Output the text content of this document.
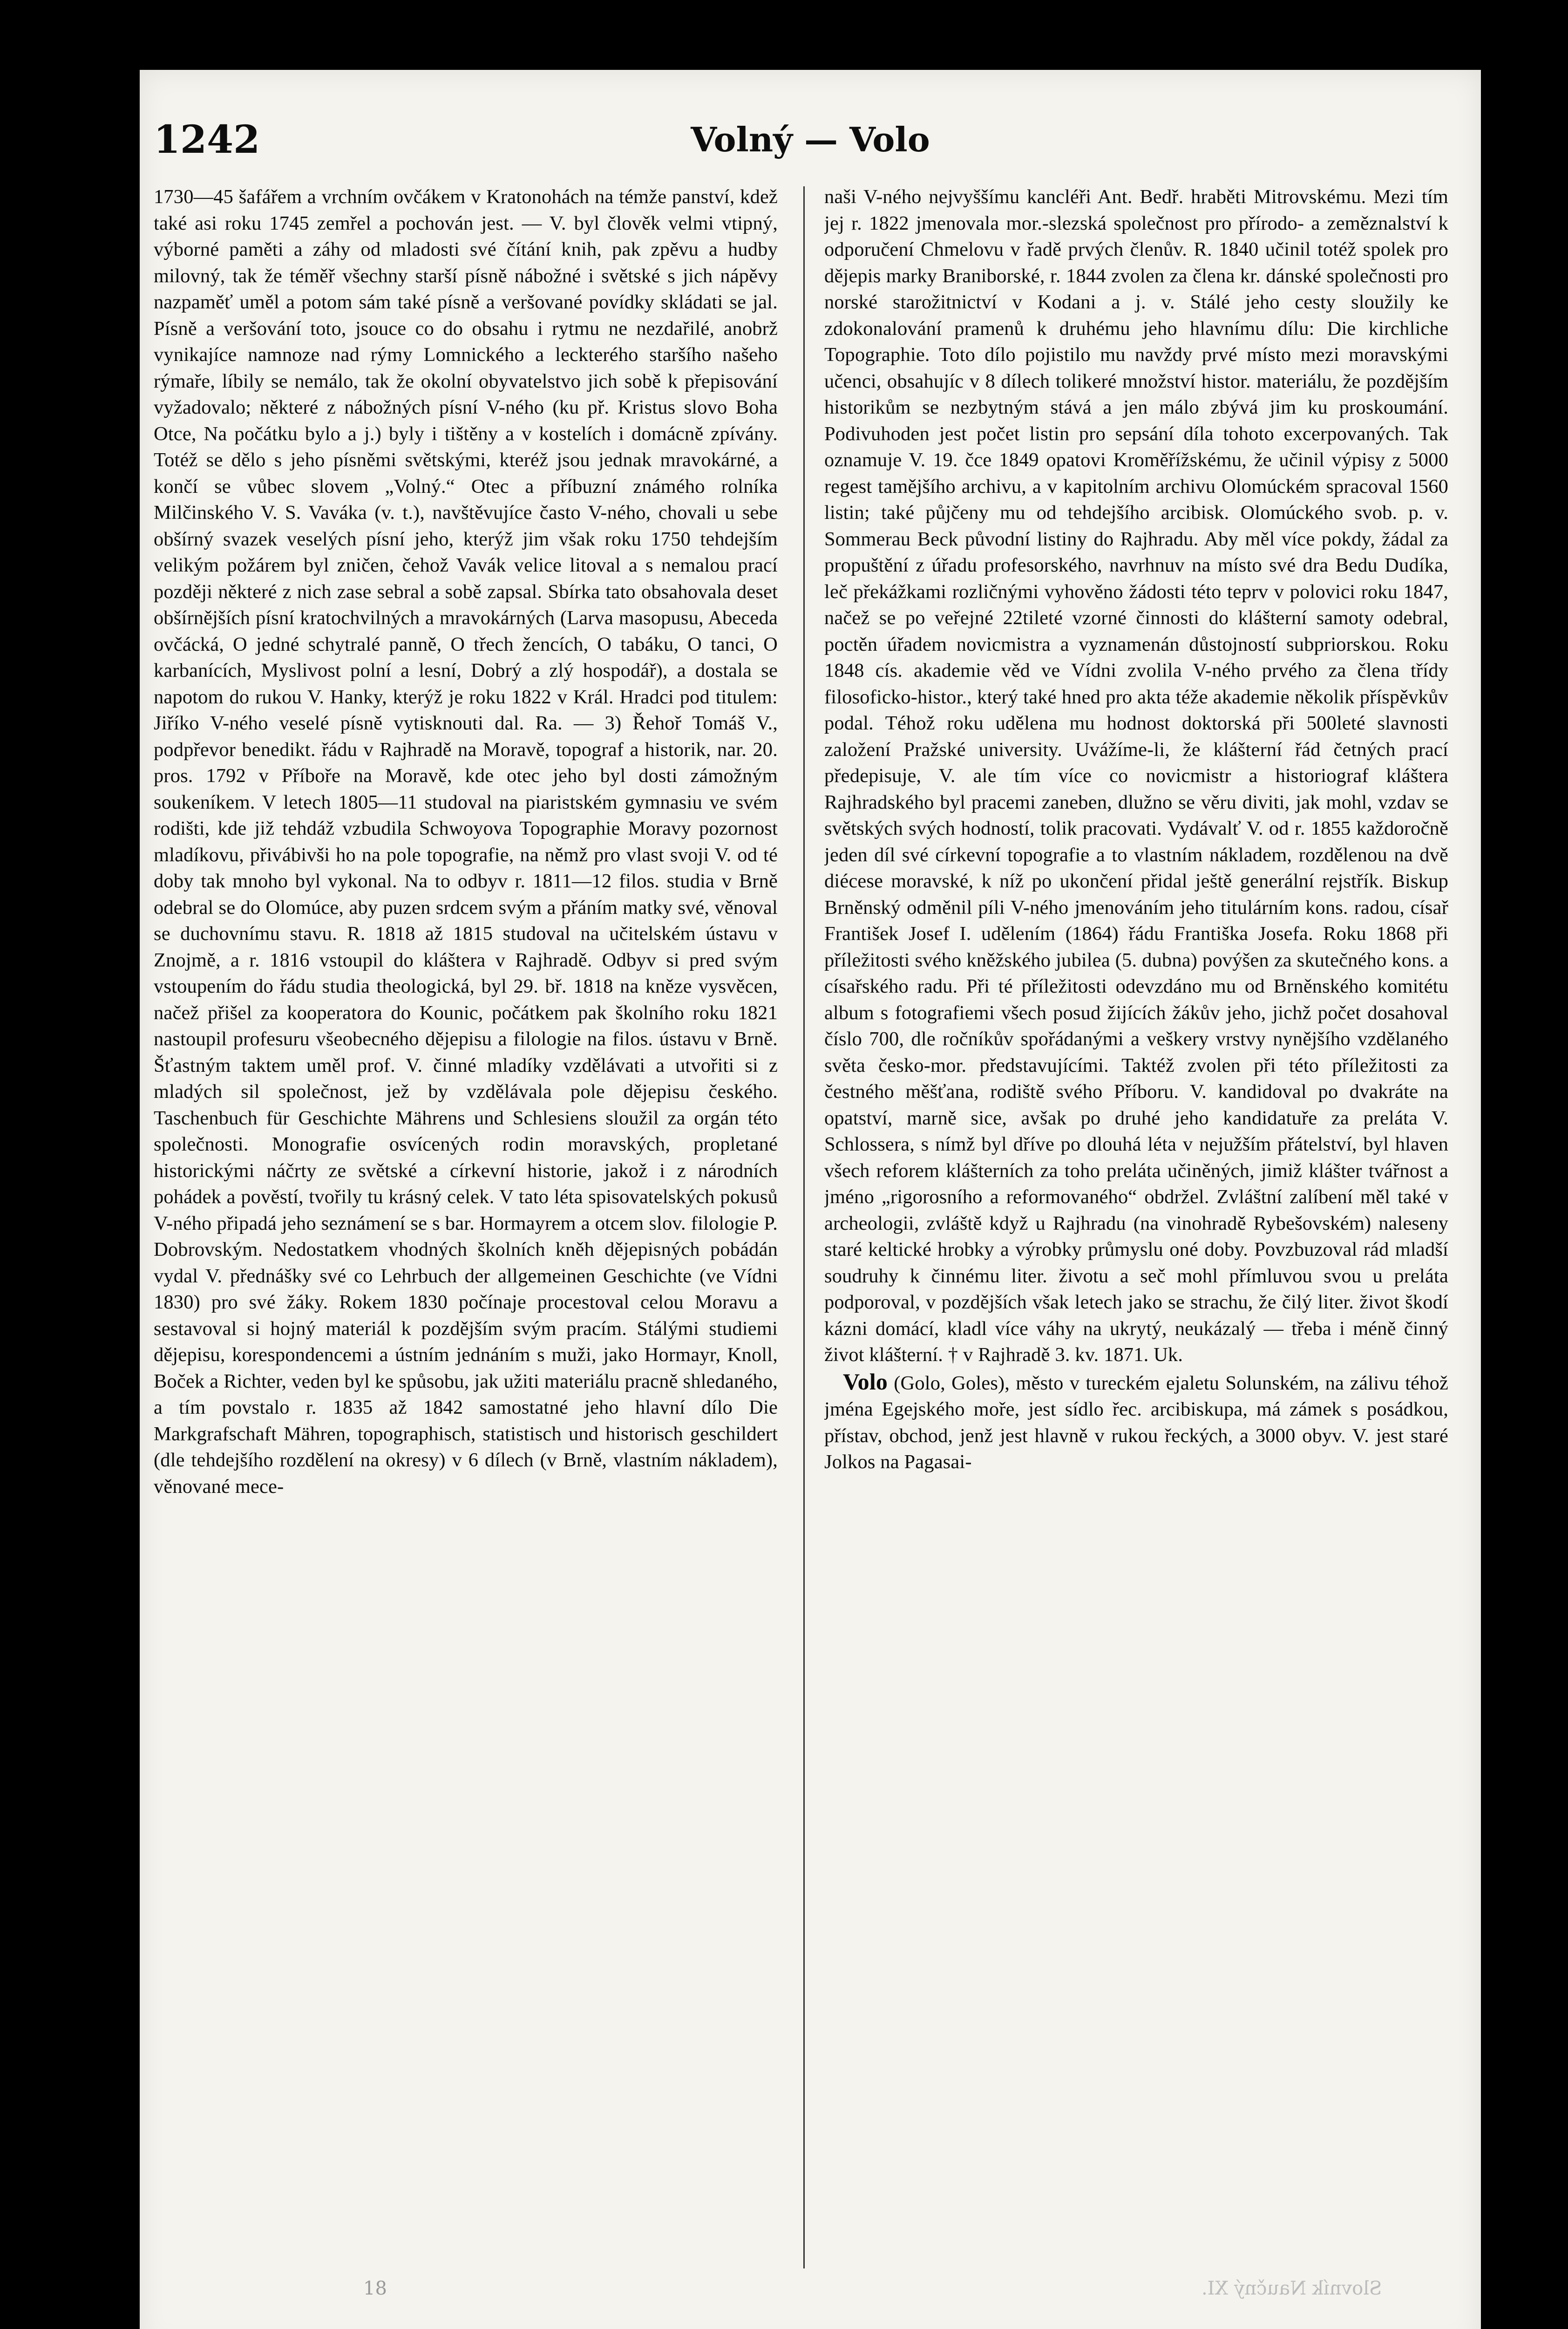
1242	Volný — Volo

1730—45 šafářem a vrchním ovčákem v Kratonohách na témže panství, kdež také asi roku 1745 zemřel a pochován jest. — V. byl člověk velmi vtipný, výborné paměti a záhy od mladosti své čítání knih, pak zpěvu a hudby milovný, tak že téměř všechny starší písně nábožné i světské s jich nápěvy nazpaměť uměl a potom sám také písně a veršované povídky skládati se jal. Písně a veršování toto, jsouce co do obsahu i rytmu ne nezdařilé, anobrž vynikajíce namnoze nad rýmy Lomnického a leckterého staršího našeho rýmaře, líbily se nemálo, tak že okolní obyvatelstvo jich sobě k přepisování vyžadovalo; některé z nábožných písní V-ného (ku př. Kristus slovo Boha Otce, Na počátku bylo a j.) byly i tištěny a v kostelích i domácně zpívány. Totéž se dělo s jeho písněmi světskými, kteréž jsou jednak mravokárné, a končí se vůbec slovem „Volný.“ Otec a příbuzní známého rolníka Milčinského V. S. Vaváka (v. t.), navštěvujíce často V-ného, chovali u sebe obšírný svazek veselých písní jeho, kterýž jim však roku 1750 tehdejším velikým požárem byl zničen, čehož Vavák velice litoval a s nemalou prací později některé z nich zase sebral a sobě zapsal. Sbírka tato obsahovala deset obšírnějších písní kratochvilných a mravokárných (Larva masopusu, Abeceda ovčácká, O jedné schytralé panně, O třech žencích, O tabáku, O tanci, O karbanících, Myslivost polní a lesní, Dobrý a zlý hospodář), a dostala se napotom do rukou V. Hanky, kterýž je roku 1822 v Král. Hradci pod titulem: Jiříko V-ného veselé písně vytisknouti dal. Ra. — 3) Řehoř Tomáš V., podpřevor benedikt. řádu v Rajhradě na Moravě, topograf a historik, nar. 20. pros. 1792 v Příboře na Moravě, kde otec jeho byl dosti zámožným soukeníkem. V letech 1805—11 studoval na piaristském gymnasiu ve svém rodišti, kde již tehdáž vzbudila Schwoyova Topographie Moravy pozornost mladíkovu, přivábivši ho na pole topografie, na němž pro vlast svoji V. od té doby tak mnoho byl vykonal. Na to odbyv r. 1811—12 filos. studia v Brně odebral se do Olomúce, aby puzen srdcem svým a přáním matky své, věnoval se duchovnímu stavu. R. 1818 až 1815 studoval na učitelském ústavu v Znojmě, a r. 1816 vstoupil do kláštera v Rajhradě. Odbyv si pred svým vstoupením do řádu studia theologická, byl 29. bř. 1818 na kněze vysvěcen, načež přišel za kooperatora do Kounic, počátkem pak školního roku 1821 nastoupil profesuru všeobecného dějepisu a filologie na filos. ústavu v Brně. Šťastným taktem uměl prof. V. činné mladíky vzdělávati a utvořiti si z mladých sil společnost, jež by vzdělávala pole dějepisu českého. Taschenbuch für Geschichte Mährens und Schlesiens sloužil za orgán této společnosti. Monografie osvícených rodin moravských, propletané historickými náčrty ze světské a církevní historie, jakož i z národních pohádek a pověstí, tvořily tu krásný celek. V tato léta spisovatelských pokusů V-ného připadá jeho seznámení se s bar. Hormayrem a otcem slov. filologie P. Dobrovským. Nedostatkem vhodných školních kněh dějepisných pobádán vydal V. přednášky své co Lehrbuch der allgemeinen Geschichte (ve Vídni 1830) pro své žáky. Rokem 1830 počínaje procestoval celou Moravu a sestavoval si hojný materiál k pozdějším svým pracím. Stálými studiemi dějepisu, korespondencemi a ústním jednáním s muži, jako Hormayr, Knoll, Boček a Richter, veden byl ke spůsobu, jak užiti materiálu pracně shledaného, a tím povstalo r. 1835 až 1842 samostatné jeho hlavní dílo Die Markgrafschaft Mähren, topographisch, statistisch und historisch geschildert (dle tehdejšího rozdělení na okresy) v 6 dílech (v Brně, vlastním nákladem), věnované mece-

naši V-ného nejvyššímu kancléři Ant. Bedř. hraběti Mitrovskému. Mezi tím jej r. 1822 jmenovala mor.-slezská společnost pro přírodo- a zeměznalství k odporučení Chmelovu v řadě prvých členův. R. 1840 učinil totéž spolek pro dějepis marky Braniborské, r. 1844 zvolen za člena kr. dánské společnosti pro norské starožitnictví v Kodani a j. v. Stálé jeho cesty sloužily ke zdokonalování pramenů k druhému jeho hlavnímu dílu: Die kirchliche Topographie. Toto dílo pojistilo mu navždy prvé místo mezi moravskými učenci, obsahujíc v 8 dílech tolikeré množství histor. materiálu, že pozdějším historikům se nezbytným stává a jen málo zbývá jim ku proskoumání. Podivuhoden jest počet listin pro sepsání díla tohoto excerpovaných. Tak oznamuje V. 19. čce 1849 opatovi Kroměřížskému, že učinil výpisy z 5000 regest tamějšího archivu, a v kapitolním archivu Olomúckém spracoval 1560 listin; také půjčeny mu od tehdejšího arcibisk. Olomúckého svob. p. v. Sommerau Beck původní listiny do Rajhradu. Aby měl více pokdy, žádal za propuštění z úřadu profesorského, navrhnuv na místo své dra Bedu Dudíka, leč překážkami rozličnými vyhověno žádosti této teprv v polovici roku 1847, načež se po veřejné 22tileté vzorné činnosti do klášterní samoty odebral, poctěn úřadem novicmistra a vyznamenán důstojností subpriorskou. Roku 1848 cís. akademie věd ve Vídni zvolila V-ného prvého za člena třídy filosoficko-histor., který také hned pro akta téže akademie několik příspěvkův podal. Téhož roku udělena mu hodnost doktorská při 500leté slavnosti založení Pražské university. Uvážíme-li, že klášterní řád četných prací předepisuje, V. ale tím více co novicmistr a historiograf kláštera Rajhradského byl pracemi zaneben, dlužno se věru diviti, jak mohl, vzdav se světských svých hodností, tolik pracovati. Vydávalť V. od r. 1855 každoročně jeden díl své církevní topografie a to vlastním nákladem, rozdělenou na dvě diécese moravské, k níž po ukončení přidal ještě generální rejstřík. Biskup Brněnský odměnil píli V-ného jmenováním jeho titulárním kons. radou, císař František Josef I. udělením (1864) řádu Františka Josefa. Roku 1868 při příležitosti svého kněžského jubilea (5. dubna) povýšen za skutečného kons. a císařského radu. Při té příležitosti odevzdáno mu od Brněnského komitétu album s fotografiemi všech posud žijících žákův jeho, jichž počet dosahoval číslo 700, dle ročníkův spořádanými a veškery vrstvy nynějšího vzdělaného světa česko-mor. představujícími. Taktéž zvolen při této příležitosti za čestného měšťana, rodiště svého Příboru. V. kandidoval po dvakráte na opatství, marně sice, avšak po druhé jeho kandidatuře za preláta V. Schlossera, s nímž byl dříve po dlouhá léta v nejužším přátelství, byl hlaven všech reforem klášterních za toho preláta učiněných, jimiž klášter tvářnost a jméno „rigorosního a reformovaného“ obdržel. Zvláštní zalíbení měl také v archeologii, zvláště když u Rajhradu (na vinohradě Rybešovském) naleseny staré keltické hrobky a výrobky průmyslu oné doby. Povzbuzoval rád mladší soudruhy k činnému liter. životu a seč mohl přímluvou svou u preláta podporoval, v pozdějších však letech jako se strachu, že čilý liter. život škodí kázni domácí, kladl více váhy na ukrytý, neukázalý — třeba i méně činný život klášterní. † v Rajhradě 3. kv. 1871. Uk.

Volo (Golo, Goles), město v tureckém ejaletu Solunském, na zálivu téhož jména Egejského moře, jest sídlo řec. arcibiskupa, má zámek s posádkou, přístav, obchod, jenž jest hlavně v rukou řeckých, a 3000 obyv. V. jest staré Jolkos na Pagasai-

18	Slovník Naučný XI.
